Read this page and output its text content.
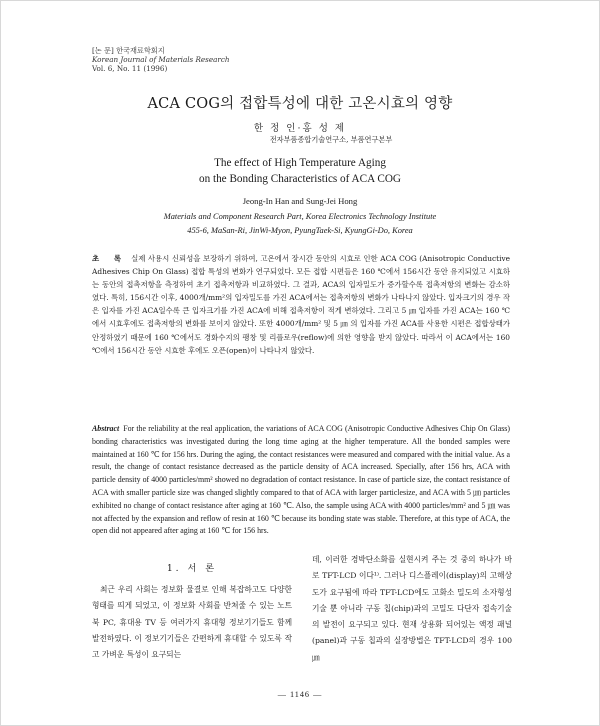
[논 문] 한국재료학회지
Korean Journal of Materials Research
Vol. 6, No. 11 (1996)
ACA COG의 접합특성에 대한 고온시효의 영향
한 정 인·홍 성 제
전자부품종합기술연구소, 부품연구본부
The effect of High Temperature Aging
on the Bonding Characteristics of ACA COG
Jeong-In Han and Sung-Jei Hong
Materials and Component Research Part, Korea Electronics Technology Institute
455-6, MaSan-Ri, JinWi-Myon, PyungTaek-Si, KyungGi-Do, Korea
초 록 실제 사용시 신뢰성을 보장하기 위하여, 고온에서 장시간 동안의 시효로 인한 ACA COG (Anisotropic Conductive Adhesives Chip On Glass) 접합 특성의 변화가 연구되었다. 모든 접합 시편들은 160 ℃에서 156시간 동안 유지되었고 시효하는 동안의 접촉저항을 측정하여 초기 접촉저항과 비교하였다. 그 결과, ACA의 입자밀도가 증가할수록 접촉저항의 변화는 감소하였다. 특히, 156시간 이후, 4000개/mm²의 입자밀도를 가진 ACA에서는 접촉저항의 변화가 나타나지 않았다. 입자크기의 경우 작은 입자를 가진 ACA일수록 큰 입자크기를 가진 ACA에 비해 접촉저항이 적게 변하였다. 그리고 5 ㎛ 입자를 가진 ACA는 160 ℃에서 시효후에도 접촉저항의 변화를 보이지 않았다. 또한 4000개/mm² 및 5 ㎛ 의 입자를 가진 ACA를 사용한 시편은 접합상태가 안정하였기 때문에 160 ℃에서도 경화수지의 팽창 및 리플로우(reflow)에 의한 영향을 받지 않았다. 따라서 이 ACA에서는 160 ℃에서 156시간 동안 시효한 후에도 오픈(open)이 나타나지 않았다.
Abstract For the reliability at the real application, the variations of ACA COG (Anisotropic Conductive Adhesives Chip On Glass) bonding characteristics was investigated during the long time aging at the higher temperature. All the bonded samples were maintained at 160 ℃ for 156 hrs. During the aging, the contact resistances were measured and compared with the initial value. As a result, the change of contact resistance decreased as the particle density of ACA increased. Specially, after 156 hrs, ACA with particle density of 4000 particles/mm² showed no degradation of contact resistance. In case of particle size, the contact resistance of ACA with smaller particle size was changed slightly compared to that of ACA with larger particlesize, and ACA with 5 ㎛ particles exhibited no change of contact resistance after aging at 160 ℃. Also, the sample using ACA with 4000 particles/mm² and 5 ㎛ was not affected by the expansion and reflow of resin at 160 ℃ because its bonding state was stable. Therefore, at this type of ACA, the open did not appeared after aging at 160 ℃ for 156 hrs.
1. 서 론
최근 우리 사회는 정보화 물결로 인해 복잡하고도 다양한 형태를 띄게 되었고, 이 정보화 사회를 반쳐줄 수 있는 노트북 PC, 휴대용 TV 등 여러가지 휴대형 정보기기들도 함께 발전하였다. 이 정보기기들은 간편하게 휴대할 수 있도록 작고 가벼운 특성이 요구되는
데, 이러한 경박단소화를 실현시켜 주는 것 중의 하나가 바로 TFT-LCD 이다¹⁾. 그러나 디스플레이(display)의 고해상도가 요구됨에 따라 TFT-LCD에도 고화소 밀도의 소자형성 기술 뿐 아니라 구동 칩(chip)과의 고밀도 다단자 접속기술의 발전이 요구되고 있다. 현재 상용화 되어있는 액정 패널(panel)과 구동 칩과의 실장방법은 TFT-LCD의 경우 100 ㎛
— 1146 —
